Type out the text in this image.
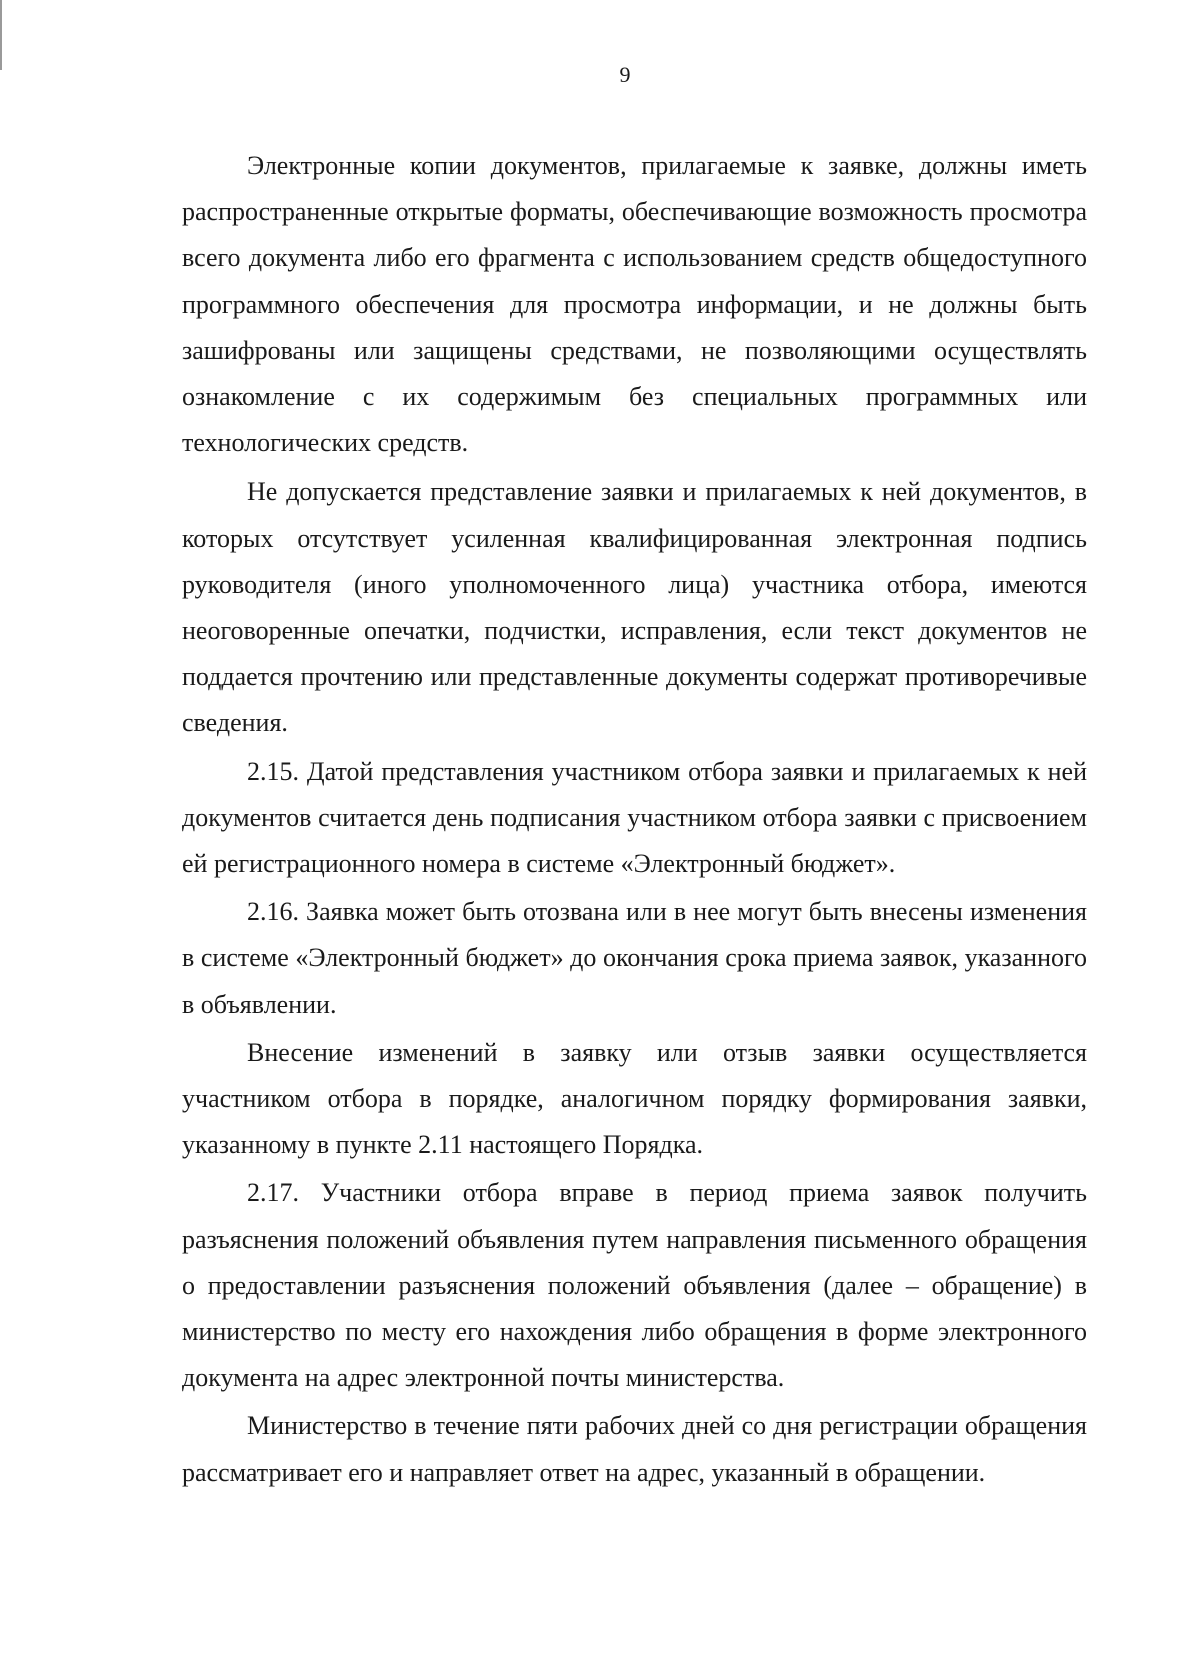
9

Электронные копии документов, прилагаемые к заявке, должны иметь распространенные открытые форматы, обеспечивающие возможность просмотра всего документа либо его фрагмента с использованием средств общедоступного программного обеспечения для просмотра информации, и не должны быть зашифрованы или защищены средствами, не позволяющими осуществлять ознакомление с их содержимым без специальных программных или технологических средств.

Не допускается представление заявки и прилагаемых к ней документов, в которых отсутствует усиленная квалифицированная электронная подпись руководителя (иного уполномоченного лица) участника отбора, имеются неоговоренные опечатки, подчистки, исправления, если текст документов не поддается прочтению или представленные документы содержат противоречивые сведения.

2.15. Датой представления участником отбора заявки и прилагаемых к ней документов считается день подписания участником отбора заявки с присвоением ей регистрационного номера в системе «Электронный бюджет».

2.16. Заявка может быть отозвана или в нее могут быть внесены изменения в системе «Электронный бюджет» до окончания срока приема заявок, указанного в объявлении.

Внесение изменений в заявку или отзыв заявки осуществляется участником отбора в порядке, аналогичном порядку формирования заявки, указанному в пункте 2.11 настоящего Порядка.

2.17. Участники отбора вправе в период приема заявок получить разъяснения положений объявления путем направления письменного обращения о предоставлении разъяснения положений объявления (далее – обращение) в министерство по месту его нахождения либо обращения в форме электронного документа на адрес электронной почты министерства.

Министерство в течение пяти рабочих дней со дня регистрации обращения рассматривает его и направляет ответ на адрес, указанный в обращении.
